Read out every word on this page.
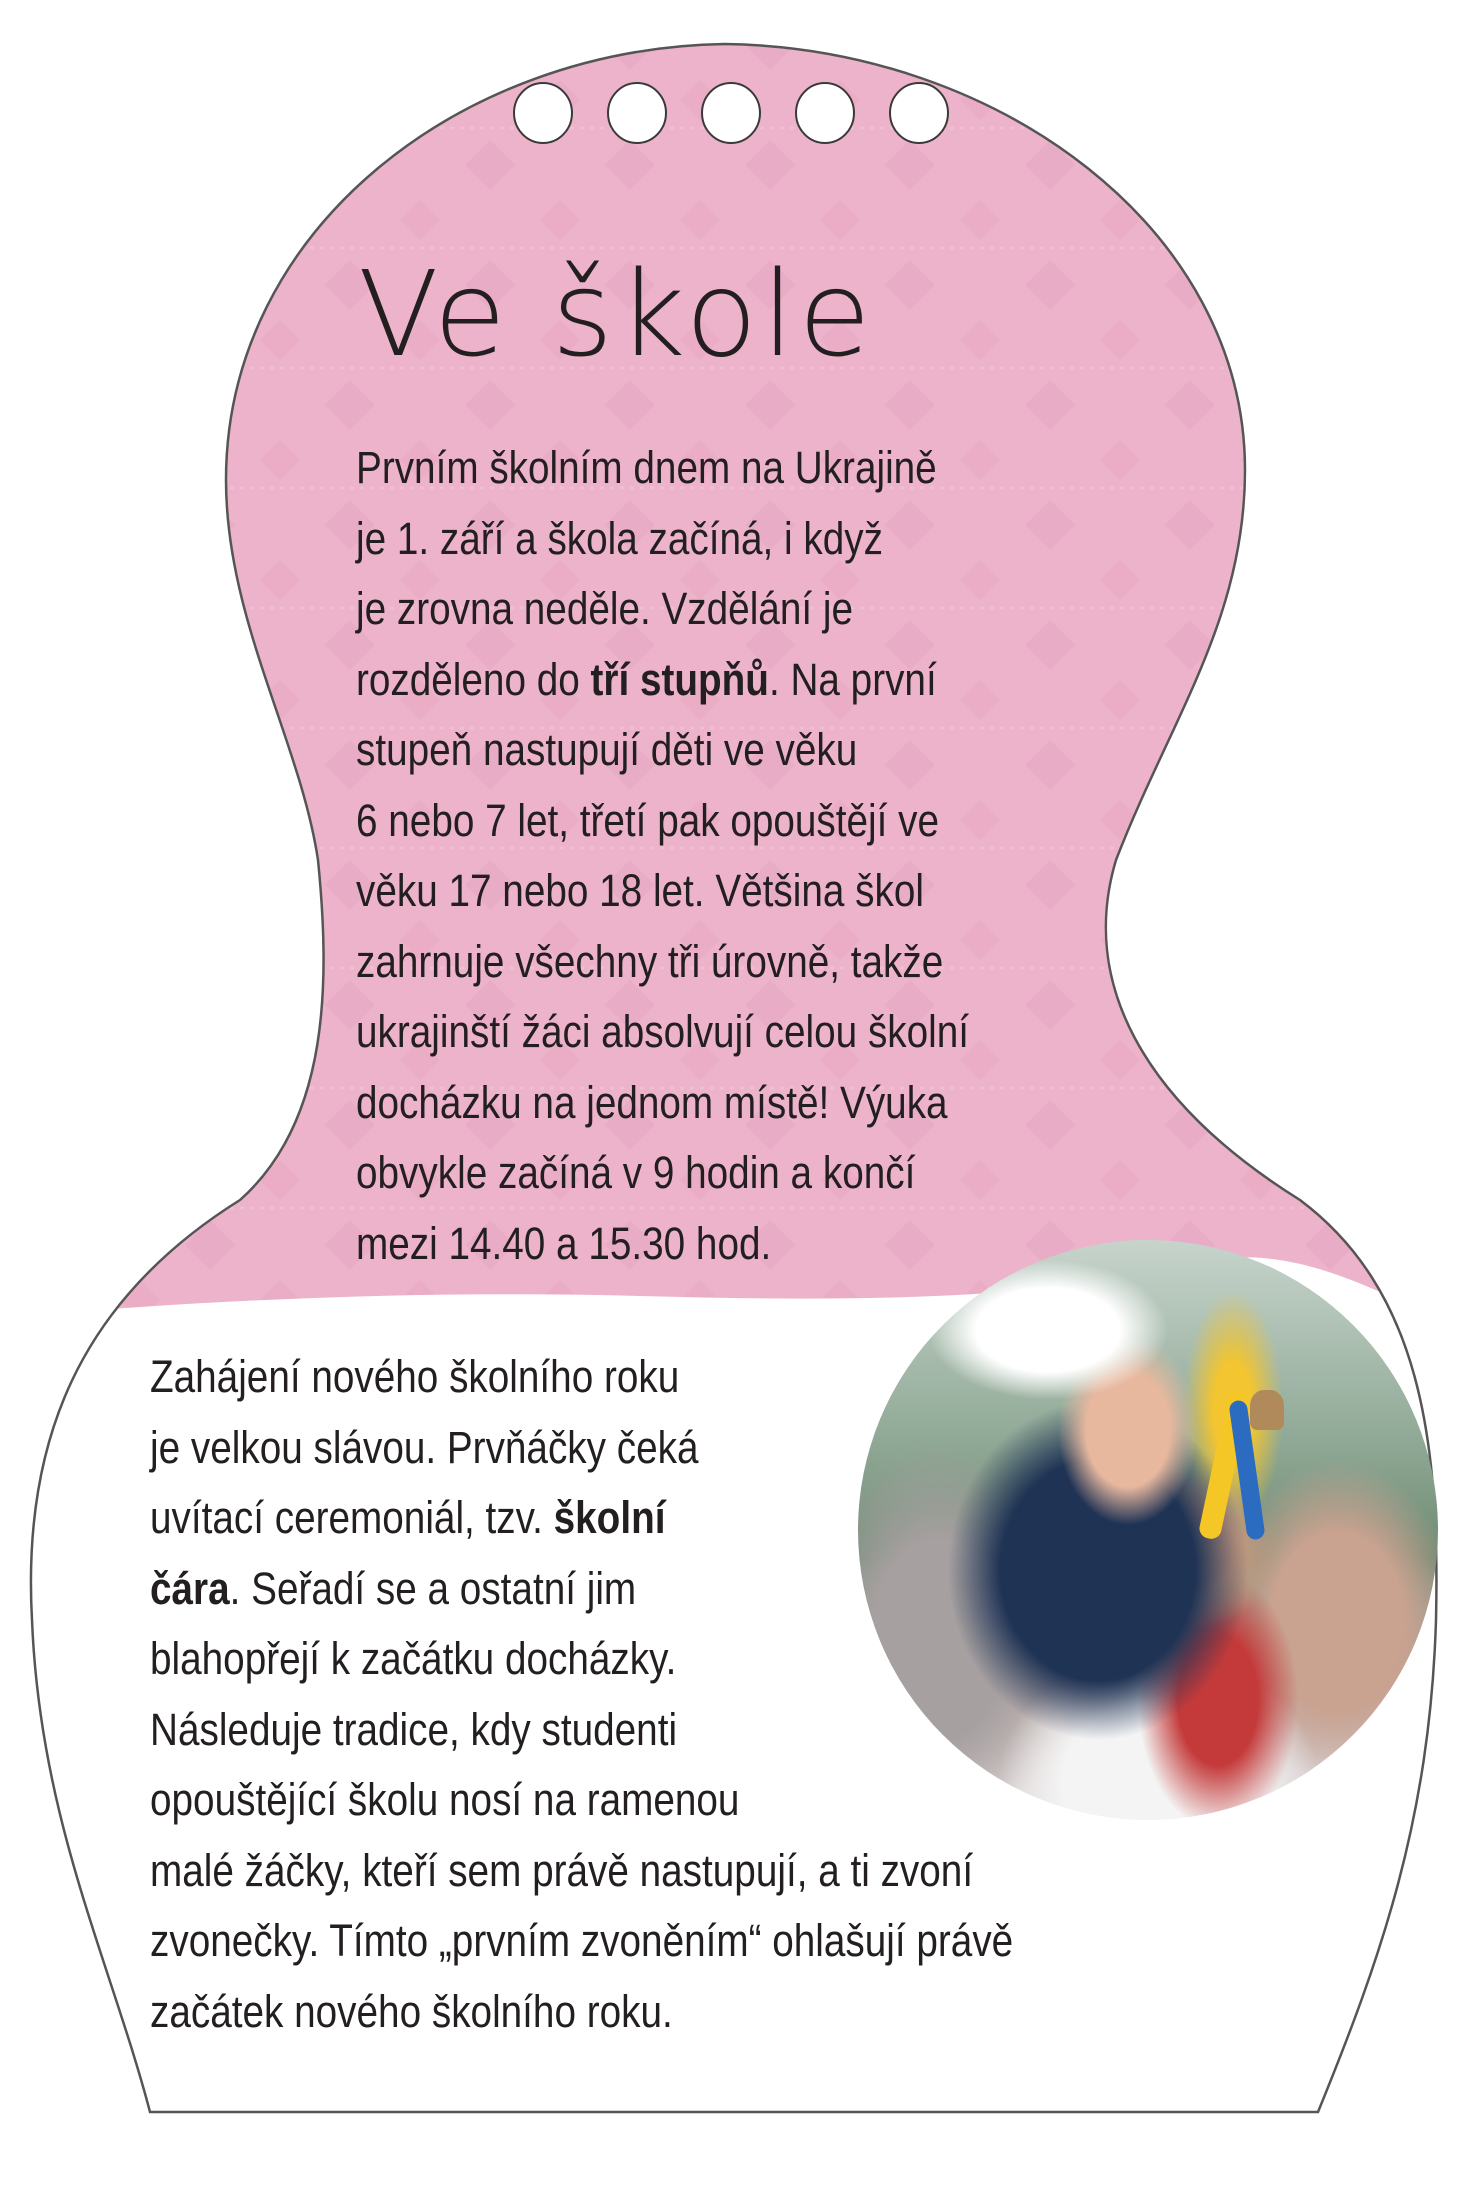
Ve škole
Prvním školním dnem na Ukrajině
je 1. září a škola začíná, i když
je zrovna neděle. Vzdělání je
rozděleno do tří stupňů. Na první
stupeň nastupují děti ve věku
6 nebo 7 let, třetí pak opouštějí ve
věku 17 nebo 18 let. Většina škol
zahrnuje všechny tři úrovně, takže
ukrajinští žáci absolvují celou školní
docházku na jednom místě! Výuka
obvykle začíná v 9 hodin a končí
mezi 14.40 a 15.30 hod.
Zahájení nového školního roku
je velkou slávou. Prvňáčky čeká
uvítací ceremoniál, tzv. školní
čára. Seřadí se a ostatní jim
blahopřejí k začátku docházky.
Následuje tradice, kdy studenti
opouštějící školu nosí na ramenou
malé žáčky, kteří sem právě nastupují, a ti zvoní
zvonečky. Tímto „prvním zvoněním“ ohlašují právě
začátek nového školního roku.
